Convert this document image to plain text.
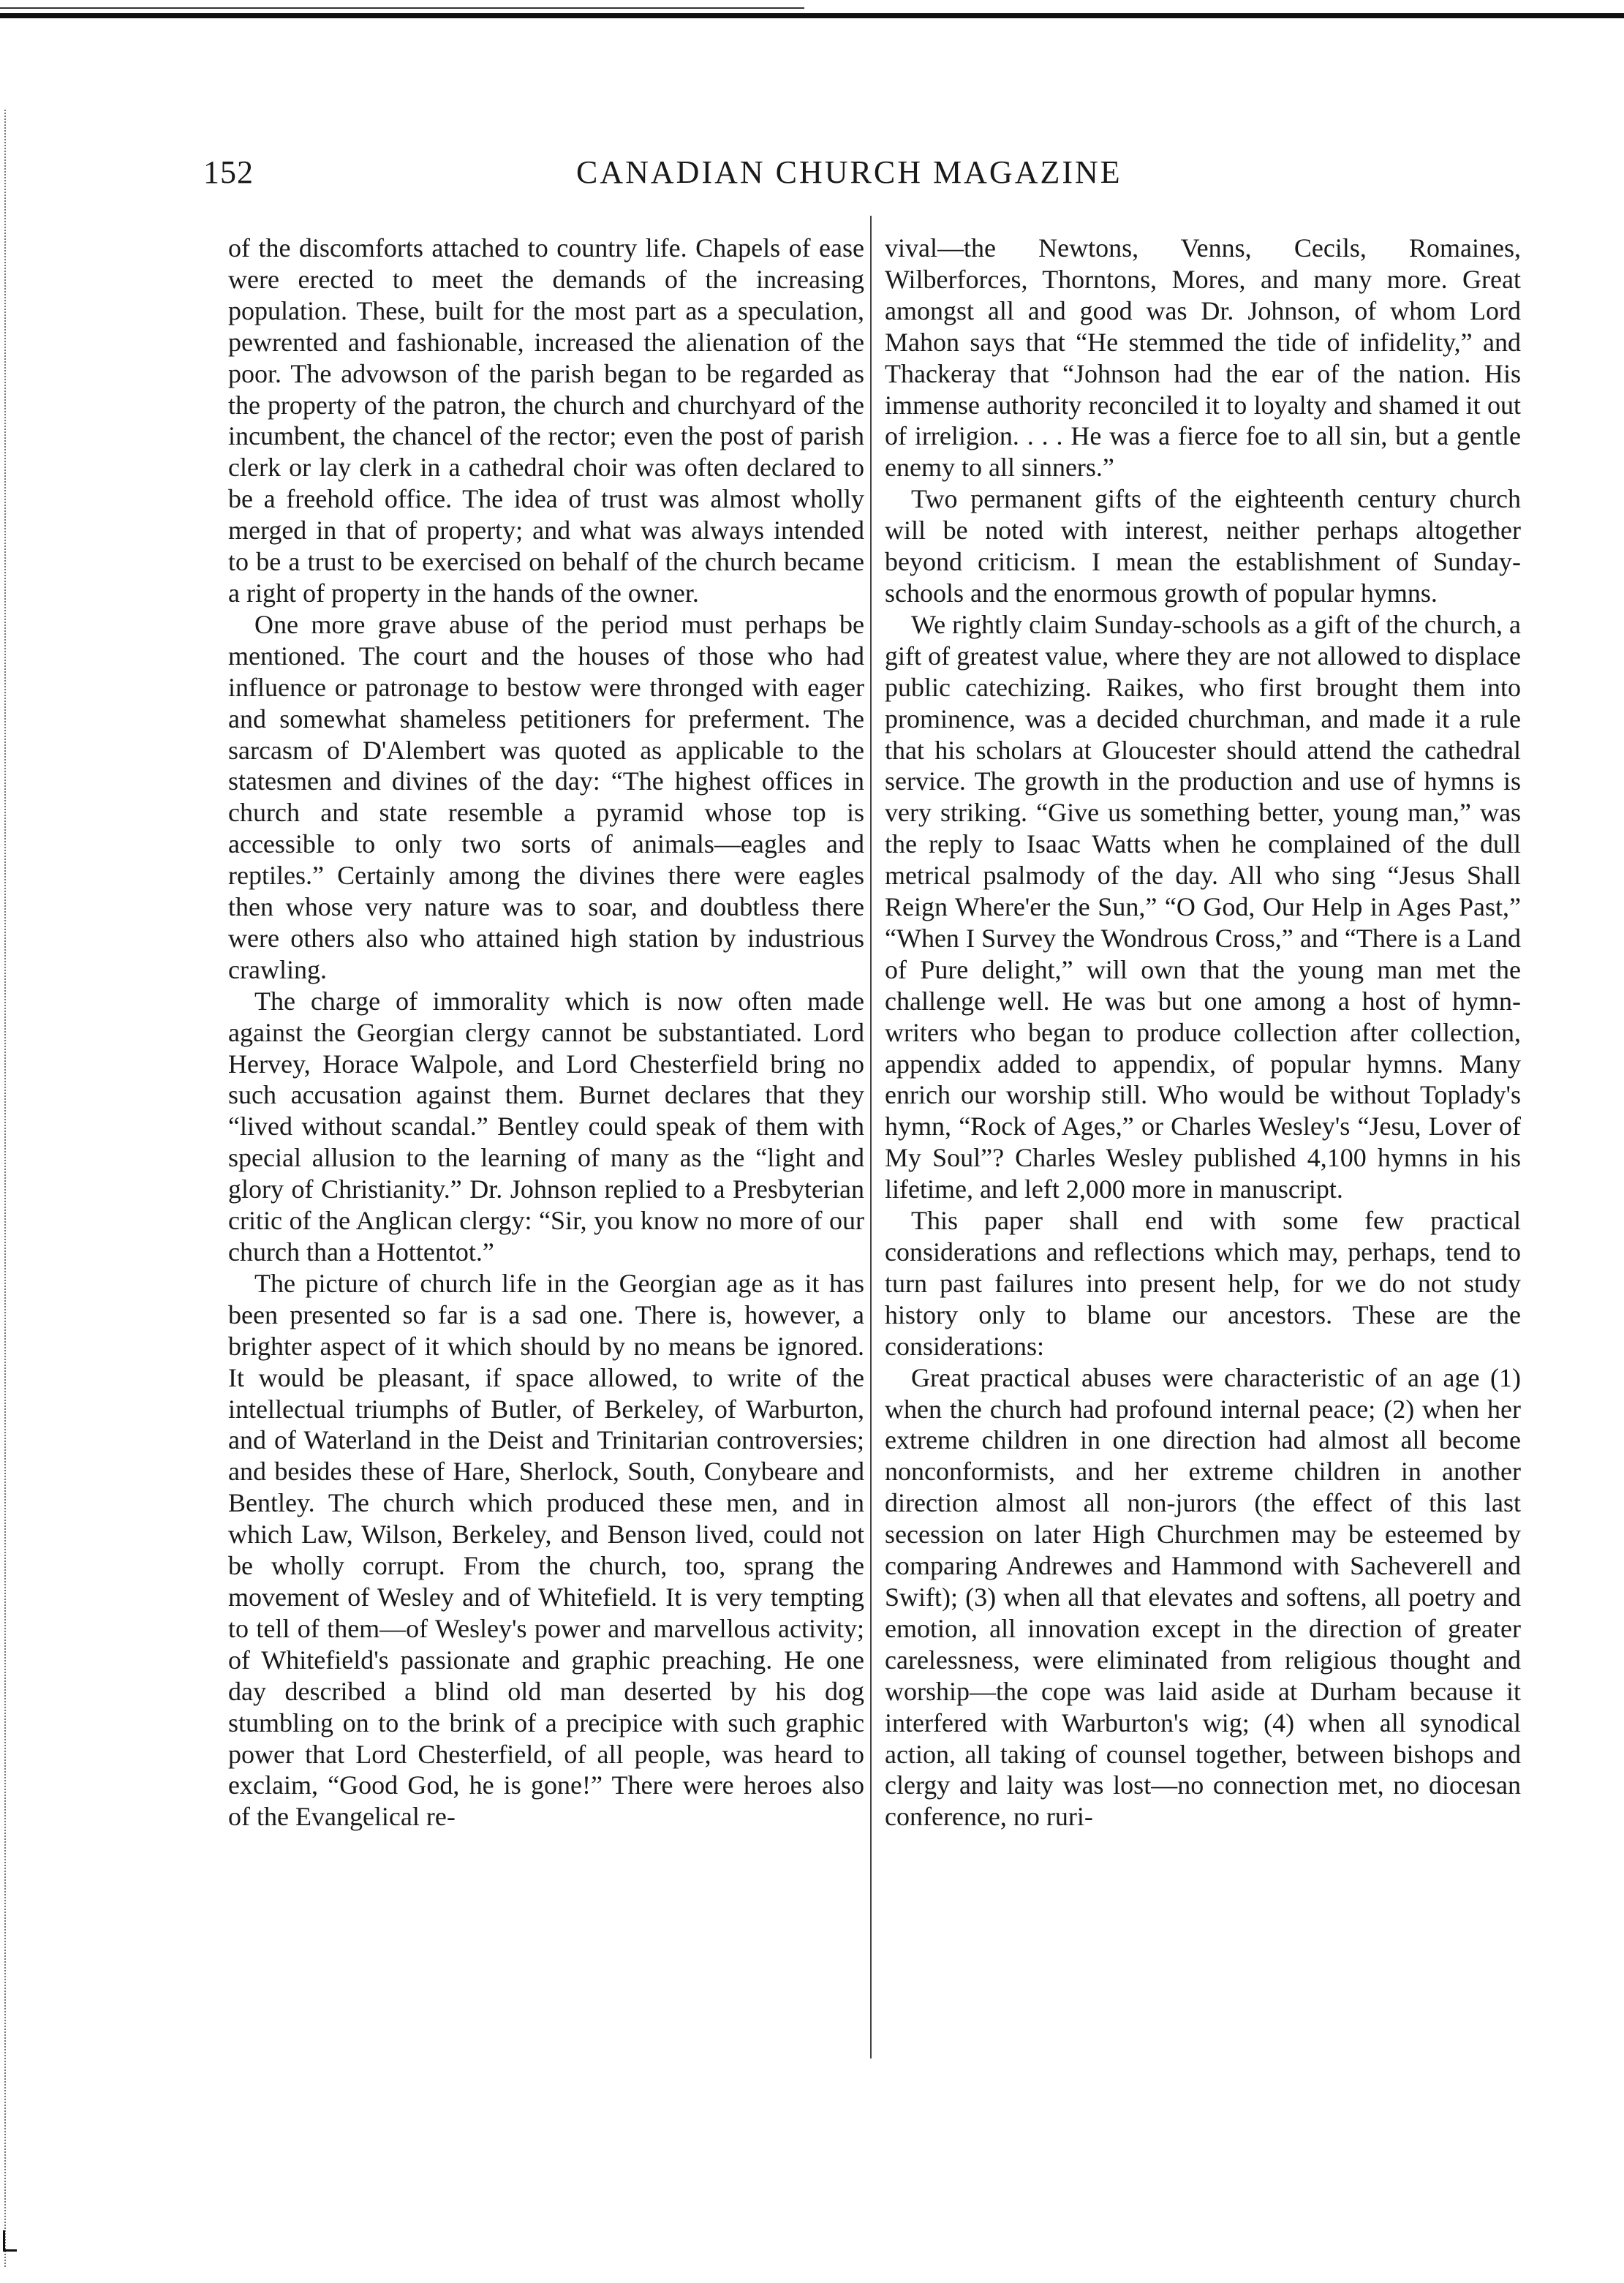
152	CANADIAN CHURCH MAGAZINE

of the discomforts attached to country life. Chapels of ease were erected to meet the demands of the increasing population. These, built for the most part as a speculation, pewrented and fashionable, increased the alienation of the poor. The advowson of the parish began to be regarded as the property of the patron, the church and churchyard of the incumbent, the chancel of the rector; even the post of parish clerk or lay clerk in a cathedral choir was often declared to be a freehold office. The idea of trust was almost wholly merged in that of property; and what was always intended to be a trust to be exercised on behalf of the church became a right of property in the hands of the owner.

One more grave abuse of the period must perhaps be mentioned. The court and the houses of those who had influence or patronage to bestow were thronged with eager and somewhat shameless petitioners for preferment. The sarcasm of D'Alembert was quoted as applicable to the statesmen and divines of the day: “The highest offices in church and state resemble a pyramid whose top is accessible to only two sorts of animals—eagles and reptiles.” Certainly among the divines there were eagles then whose very nature was to soar, and doubtless there were others also who attained high station by industrious crawling.

The charge of immorality which is now often made against the Georgian clergy cannot be substantiated. Lord Hervey, Horace Walpole, and Lord Chesterfield bring no such accusation against them. Burnet declares that they “lived without scandal.” Bentley could speak of them with special allusion to the learning of many as the “light and glory of Christianity.” Dr. Johnson replied to a Presbyterian critic of the Anglican clergy: “Sir, you know no more of our church than a Hottentot.”

The picture of church life in the Georgian age as it has been presented so far is a sad one. There is, however, a brighter aspect of it which should by no means be ignored. It would be pleasant, if space allowed, to write of the intellectual triumphs of Butler, of Berkeley, of Warburton, and of Waterland in the Deist and Trinitarian controversies; and besides these of Hare, Sherlock, South, Conybeare and Bentley. The church which produced these men, and in which Law, Wilson, Berkeley, and Benson lived, could not be wholly corrupt. From the church, too, sprang the movement of Wesley and of Whitefield. It is very tempting to tell of them—of Wesley's power and marvellous activity; of Whitefield's passionate and graphic preaching. He one day described a blind old man deserted by his dog stumbling on to the brink of a precipice with such graphic power that Lord Chesterfield, of all people, was heard to exclaim, “Good God, he is gone!” There were heroes also of the Evangelical re-

vival—the Newtons, Venns, Cecils, Romaines, Wilberforces, Thorntons, Mores, and many more. Great amongst all and good was Dr. Johnson, of whom Lord Mahon says that “He stemmed the tide of infidelity,” and Thackeray that “Johnson had the ear of the nation. His immense authority reconciled it to loyalty and shamed it out of irreligion. . . . He was a fierce foe to all sin, but a gentle enemy to all sinners.”

Two permanent gifts of the eighteenth century church will be noted with interest, neither perhaps altogether beyond criticism. I mean the establishment of Sunday-schools and the enormous growth of popular hymns.

We rightly claim Sunday-schools as a gift of the church, a gift of greatest value, where they are not allowed to displace public catechizing. Raikes, who first brought them into prominence, was a decided churchman, and made it a rule that his scholars at Gloucester should attend the cathedral service. The growth in the production and use of hymns is very striking. “Give us something better, young man,” was the reply to Isaac Watts when he complained of the dull metrical psalmody of the day. All who sing “Jesus Shall Reign Where'er the Sun,” “O God, Our Help in Ages Past,” “When I Survey the Wondrous Cross,” and “There is a Land of Pure delight,” will own that the young man met the challenge well. He was but one among a host of hymn-writers who began to produce collection after collection, appendix added to appendix, of popular hymns. Many enrich our worship still. Who would be without Toplady's hymn, “Rock of Ages,” or Charles Wesley's “Jesu, Lover of My Soul”? Charles Wesley published 4,100 hymns in his lifetime, and left 2,000 more in manuscript.

This paper shall end with some few practical considerations and reflections which may, perhaps, tend to turn past failures into present help, for we do not study history only to blame our ancestors. These are the considerations:

Great practical abuses were characteristic of an age (1) when the church had profound internal peace; (2) when her extreme children in one direction had almost all become nonconformists, and her extreme children in another direction almost all non-jurors (the effect of this last secession on later High Churchmen may be esteemed by comparing Andrewes and Hammond with Sacheverell and Swift); (3) when all that elevates and softens, all poetry and emotion, all innovation except in the direction of greater carelessness, were eliminated from religious thought and worship—the cope was laid aside at Durham because it interfered with Warburton's wig; (4) when all synodical action, all taking of counsel together, between bishops and clergy and laity was lost—no connection met, no diocesan conference, no ruri-
